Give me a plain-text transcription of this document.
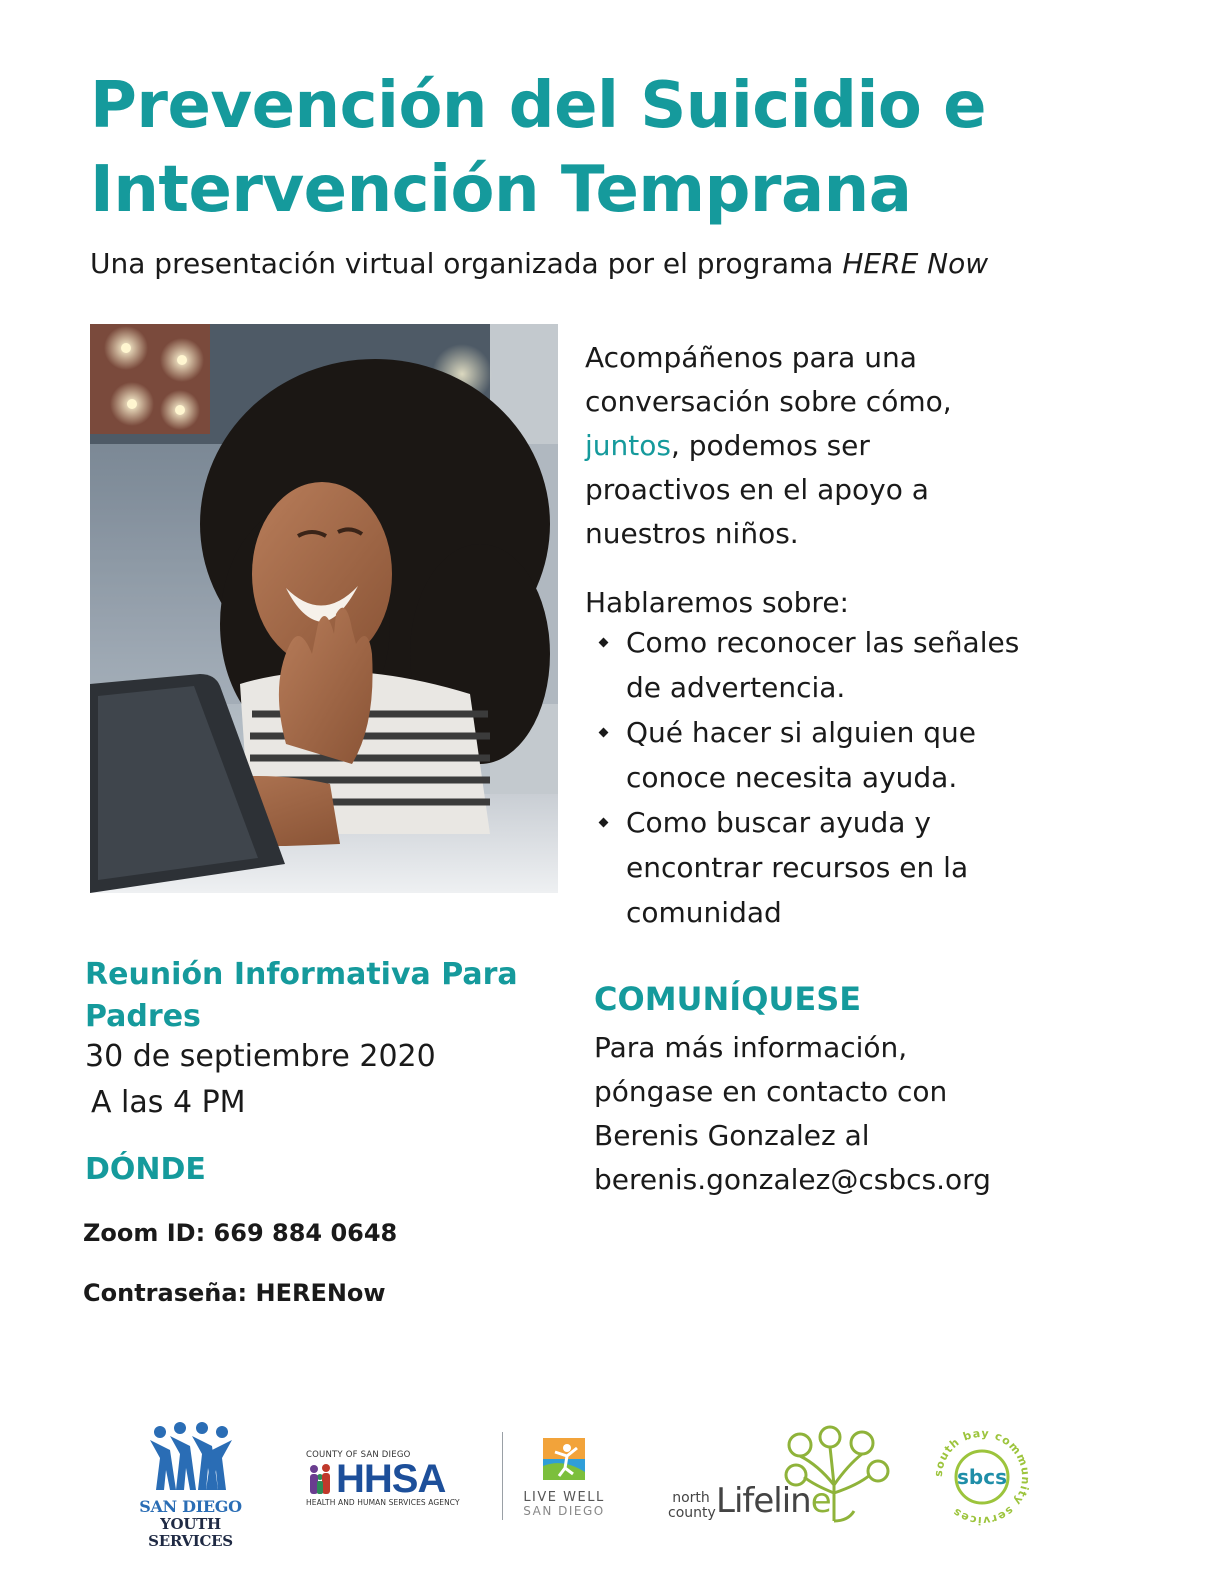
Prevención del Suicidio e
Intervención Temprana

Una presentación virtual organizada por el programa HERE Now

Acompáñenos para una
conversación sobre cómo,
juntos, podemos ser
proactivos en el apoyo a
nuestros niños.

Hablaremos sobre:

Como reconocer las señales
de advertencia.
Qué hacer si alguien que
conoce necesita ayuda.
Como buscar ayuda y
encontrar recursos en la
comunidad
Reunión Informativa Para
Padres

30 de septiembre 2020

A las 4 PM

DÓNDE

Zoom ID: 669 884 0648

Contraseña: HERENow

COMUNÍQUESE

Para más información,
póngase en contacto con
Berenis Gonzalez al
berenis.gonzalez@csbcs.org

SAN DIEGO
YOUTH SERVICES
COUNTY OF SAN DIEGO
HHSA
HEALTH AND HUMAN SERVICES AGENCY	LIVE WELL
SAN DIEGO
north
county Lifeline
south bay community services
sbcs
